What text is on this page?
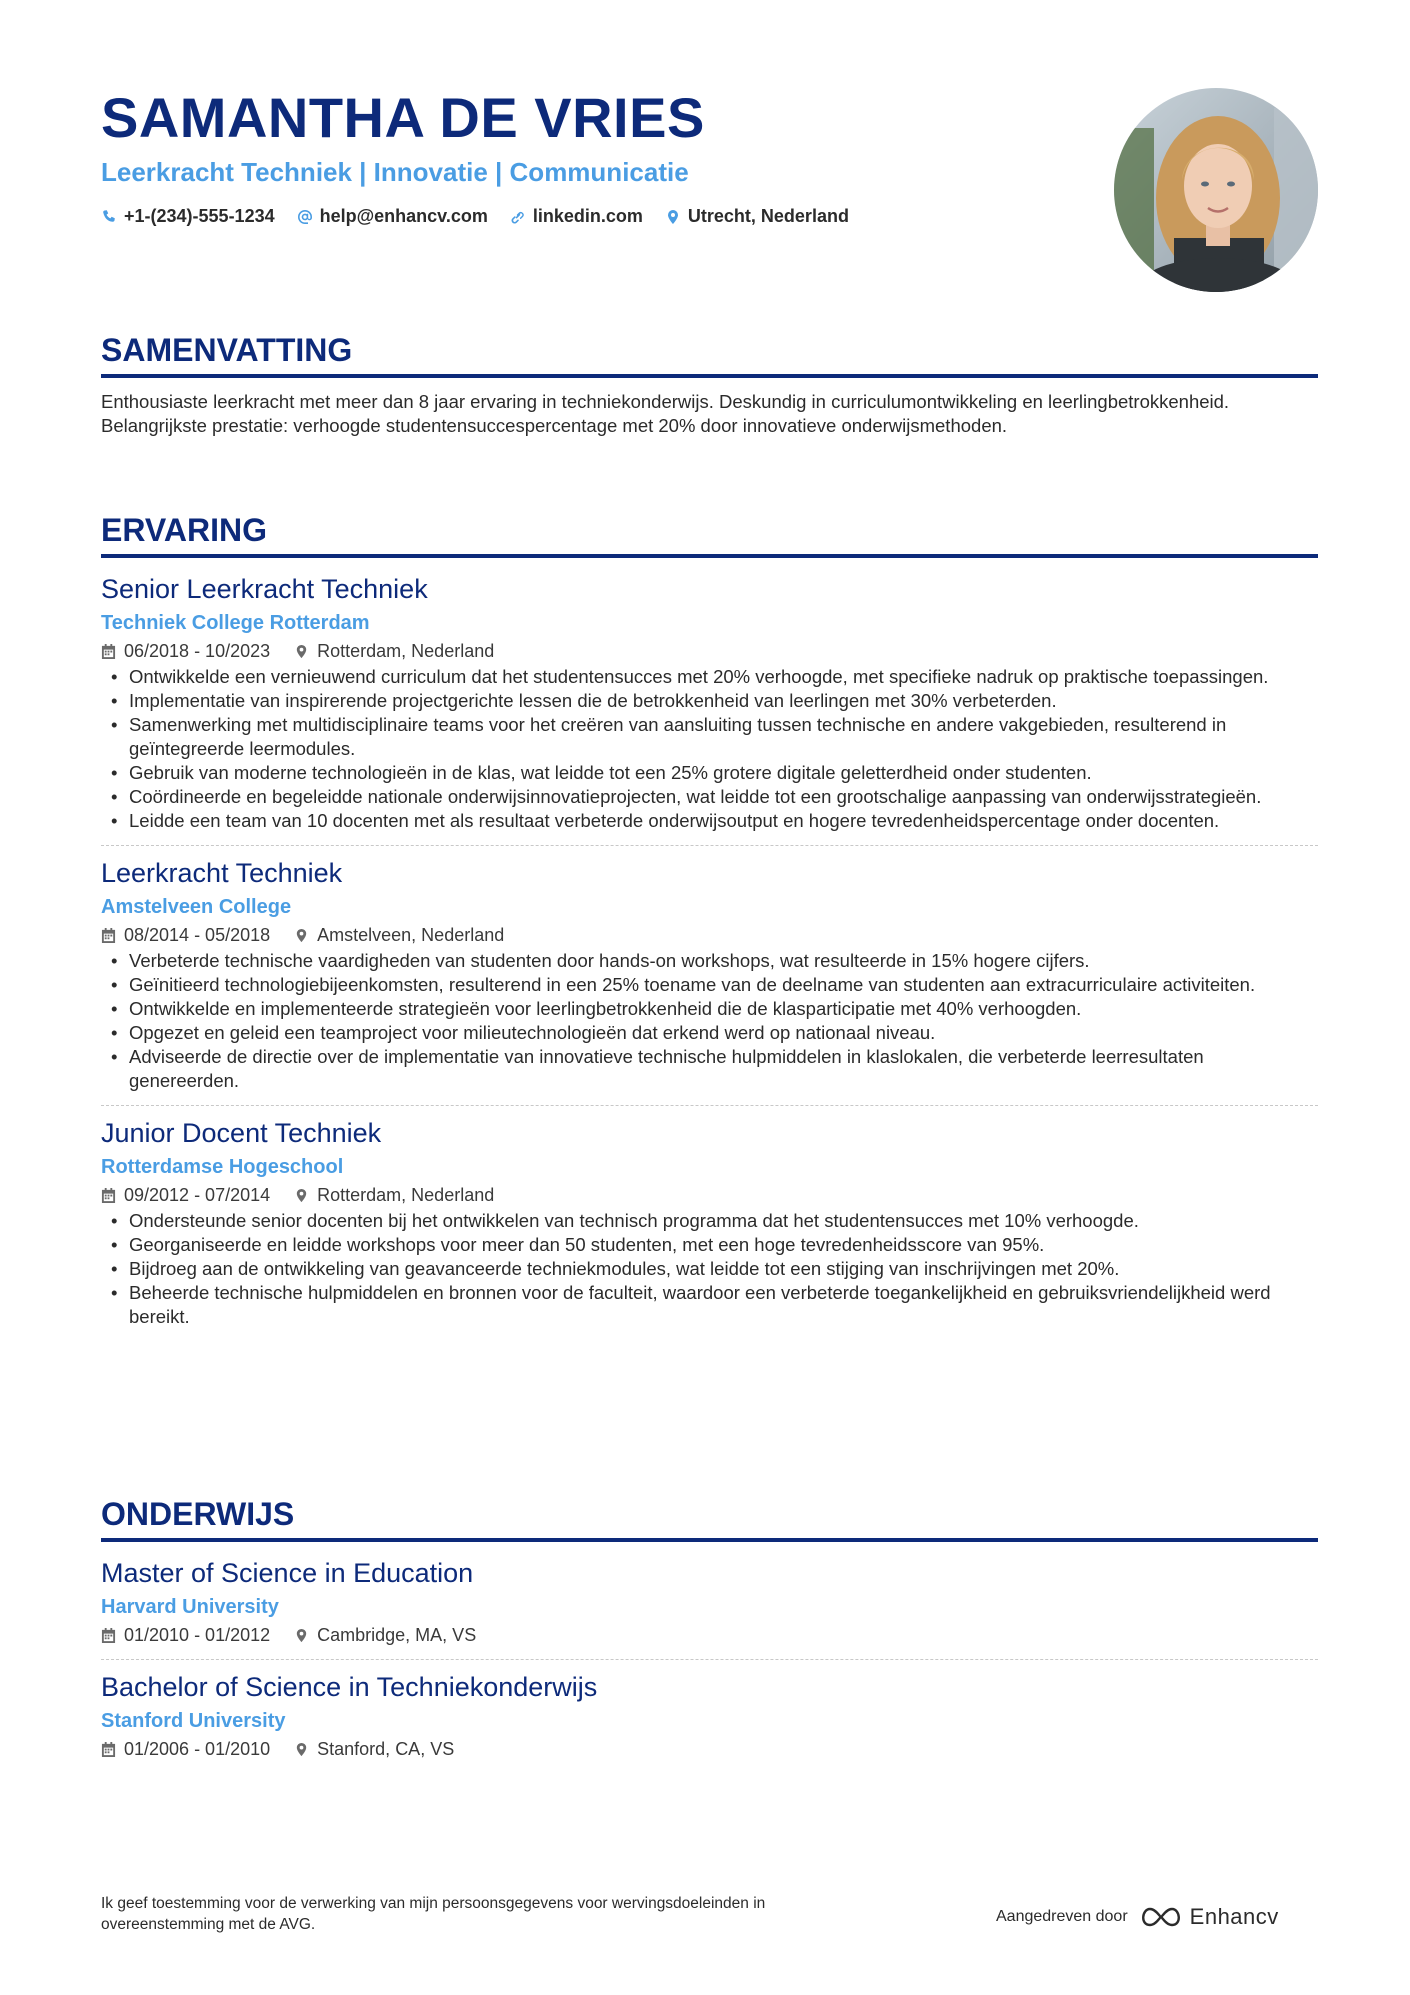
SAMANTHA DE VRIES
Leerkracht Techniek | Innovatie | Communicatie
+1-(234)-555-1234	help@enhancv.com	linkedin.com	Utrecht, Nederland
SAMENVATTING
Enthousiaste leerkracht met meer dan 8 jaar ervaring in techniekonderwijs. Deskundig in curriculumontwikkeling en leerlingbetrokkenheid. Belangrijkste prestatie: verhoogde studentensuccespercentage met 20% door innovatieve onderwijsmethoden.
ERVARING
Senior Leerkracht Techniek
Techniek College Rotterdam
06/2018 - 10/2023	Rotterdam, Nederland
• Ontwikkelde een vernieuwend curriculum dat het studentensucces met 20% verhoogde, met specifieke nadruk op praktische toepassingen.
• Implementatie van inspirerende projectgerichte lessen die de betrokkenheid van leerlingen met 30% verbeterden.
• Samenwerking met multidisciplinaire teams voor het creëren van aansluiting tussen technische en andere vakgebieden, resulterend in geïntegreerde leermodules.
• Gebruik van moderne technologieën in de klas, wat leidde tot een 25% grotere digitale geletterdheid onder studenten.
• Coördineerde en begeleidde nationale onderwijsinnovatieprojecten, wat leidde tot een grootschalige aanpassing van onderwijsstrategieën.
• Leidde een team van 10 docenten met als resultaat verbeterde onderwijsoutput en hogere tevredenheidspercentage onder docenten.
Leerkracht Techniek
Amstelveen College
08/2014 - 05/2018	Amstelveen, Nederland
• Verbeterde technische vaardigheden van studenten door hands-on workshops, wat resulteerde in 15% hogere cijfers.
• Geïnitieerd technologiebijeenkomsten, resulterend in een 25% toename van de deelname van studenten aan extracurriculaire activiteiten.
• Ontwikkelde en implementeerde strategieën voor leerlingbetrokkenheid die de klasparticipatie met 40% verhoogden.
• Opgezet en geleid een teamproject voor milieutechnologieën dat erkend werd op nationaal niveau.
• Adviseerde de directie over de implementatie van innovatieve technische hulpmiddelen in klaslokalen, die verbeterde leerresultaten genereerden.
Junior Docent Techniek
Rotterdamse Hogeschool
09/2012 - 07/2014	Rotterdam, Nederland
• Ondersteunde senior docenten bij het ontwikkelen van technisch programma dat het studentensucces met 10% verhoogde.
• Georganiseerde en leidde workshops voor meer dan 50 studenten, met een hoge tevredenheidsscore van 95%.
• Bijdroeg aan de ontwikkeling van geavanceerde techniekmodules, wat leidde tot een stijging van inschrijvingen met 20%.
• Beheerde technische hulpmiddelen en bronnen voor de faculteit, waardoor een verbeterde toegankelijkheid en gebruiksvriendelijkheid werd bereikt.
ONDERWIJS
Master of Science in Education
Harvard University
01/2010 - 01/2012	Cambridge, MA, VS
Bachelor of Science in Techniekonderwijs
Stanford University
01/2006 - 01/2010	Stanford, CA, VS
Ik geef toestemming voor de verwerking van mijn persoonsgegevens voor wervingsdoeleinden in overeenstemming met de AVG.	Aangedreven door	Enhancv
